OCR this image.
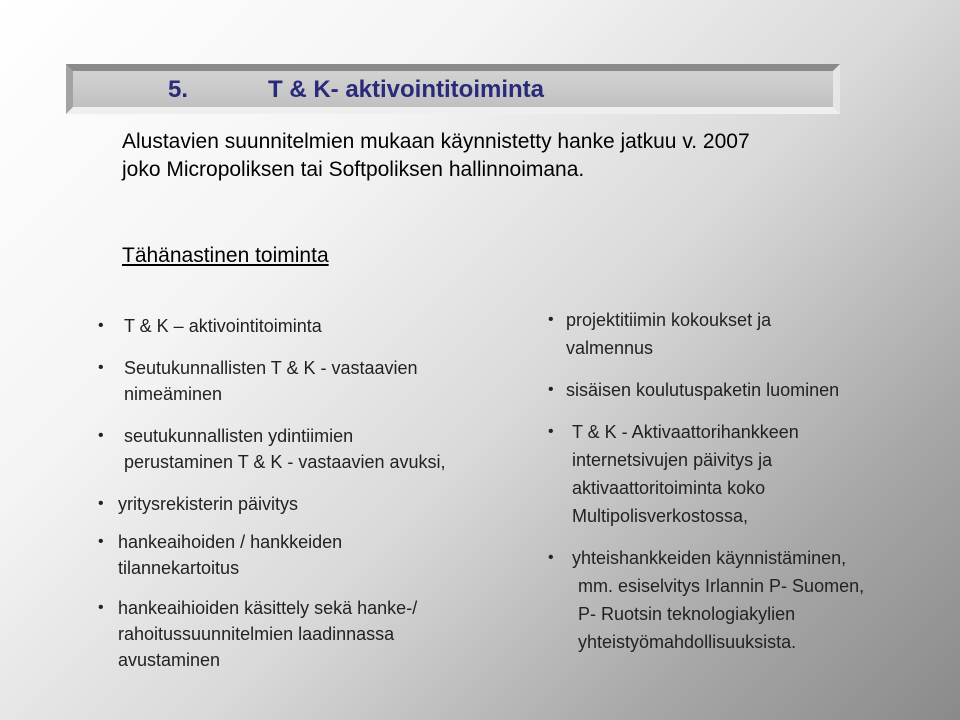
5.	T & K- aktivointitoiminta
Alustavien suunnitelmien mukaan käynnistetty hanke jatkuu v. 2007
joko Micropoliksen tai Softpoliksen hallinnoimana.
Tähänastinen toiminta
• T & K – aktivointitoiminta
• Seutukunnallisten T & K - vastaavien
nimeäminen
• seutukunnallisten ydintiimien
perustaminen T & K - vastaavien avuksi,
• yritysrekisterin päivitys
• hankeaihoiden / hankkeiden
tilannekartoitus
• hankeaihioiden käsittely sekä hanke-/
rahoitussuunnitelmien laadinnassa
avustaminen
• projektitiimin kokoukset ja
valmennus
• sisäisen koulutuspaketin luominen
• T & K - Aktivaattorihankkeen
internetsivujen päivitys ja
aktivaattoritoiminta koko
Multipolisverkostossa,
• yhteishankkeiden käynnistäminen,
mm. esiselvitys Irlannin P- Suomen,
P- Ruotsin teknologiakylien
yhteistyömahdollisuuksista.
